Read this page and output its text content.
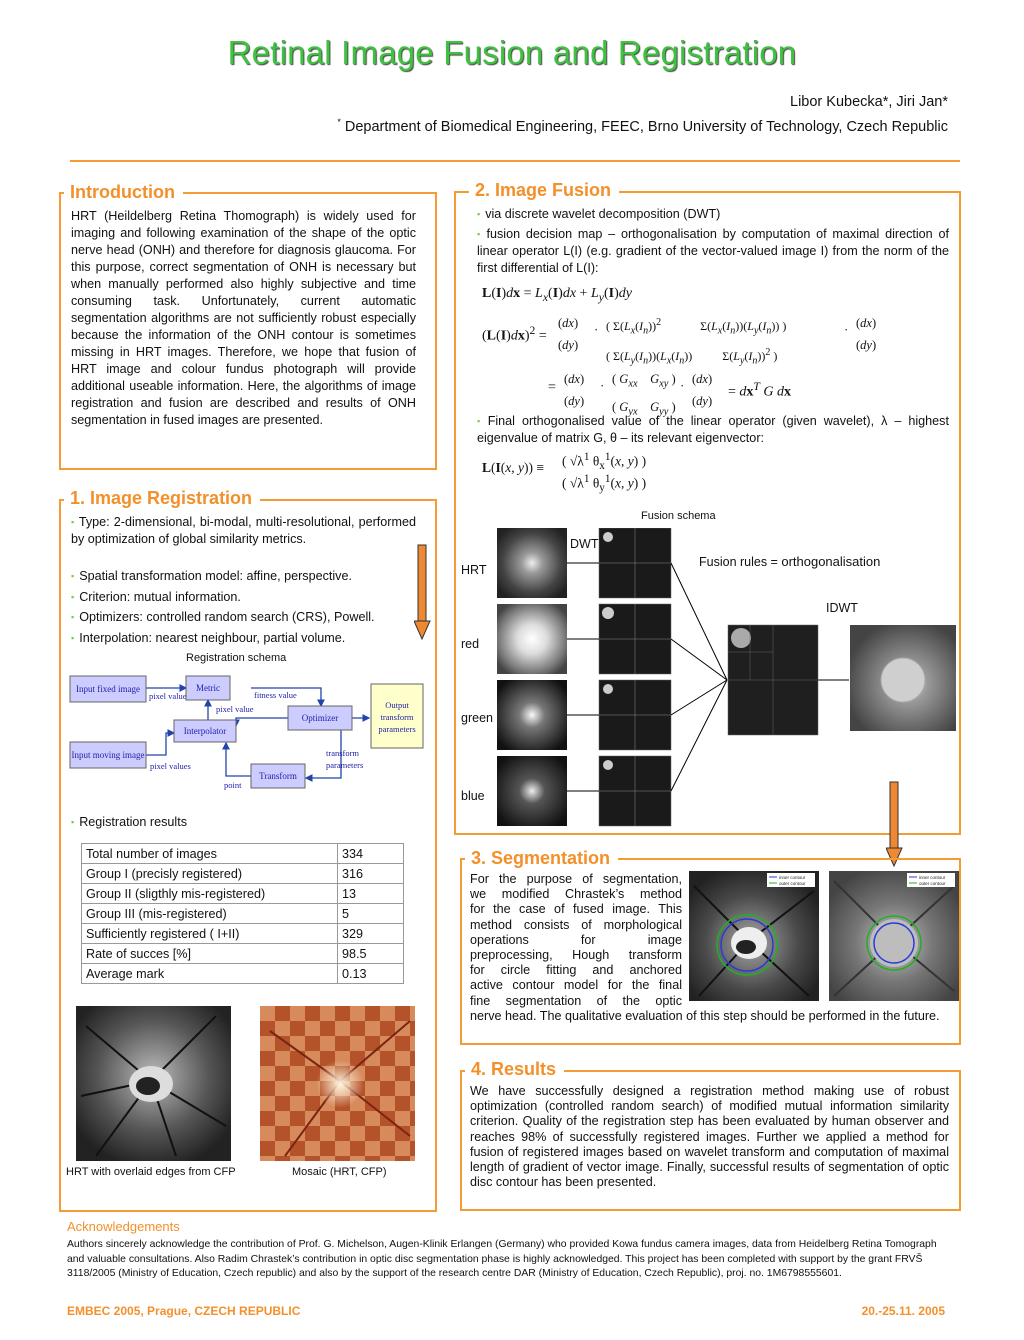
Retinal Image Fusion and Registration
Libor Kubecka*, Jiri Jan*
* Department of Biomedical Engineering, FEEC, Brno University of Technology, Czech Republic
Introduction
HRT (Heildelberg Retina Thomograph) is widely used for imaging and following examination of the shape of the optic nerve head (ONH) and therefore for diagnosis glaucoma. For this purpose, correct segmentation of ONH is necessary but when manually performed also highly subjective and time consuming task. Unfortunately, current automatic segmentation algorithms are not sufficiently robust especially because the information of the ONH contour is sometimes missing in HRT images. Therefore, we hope that fusion of HRT image and colour fundus photograph will provide additional useable information. Here, the algorithms of image registration and fusion are described and results of ONH segmentation in fused images are presented.
1. Image Registration
▪ Type: 2-dimensional, bi-modal, multi-resolutional, performed by optimization of global similarity metrics.
▪ Spatial transformation model: affine, perspective.
▪ Criterion: mutual information.
▪ Optimizers: controlled random search (CRS), Powell.
▪ Interpolation: nearest neighbour, partial volume.
Registration schema
Input fixed image	Metric
Interpolator
Optimizer
Input moving image
Transform
Output
transform
parameters
pixel value	fitness value
pixel value
pixel values
transform
parameters
point
▪ Registration results
Total number of images	334
Group I (precisly registered)	316
Group II (sligthly mis-registered)	13
Group III (mis-registered)	5
Sufficiently registered ( I+II)	329
Rate of succes [%]	98.5
Average mark	0.13
HRT with overlaid edges from CFP	Mosaic (HRT, CFP)
2. Image Fusion
▪ via discrete wavelet decomposition (DWT)
▪ fusion decision map – orthogonalisation by computation of maximal direction of linear operator L(I) (e.g. gradient of the vector-valued image I) from the norm of the first differential of L(I):
$L(I)dx = L_x(I)dx + L_y(I)dy$
$(L(I)dx)^2$ =
(dx)
(dy)
· ( $\Sigma(L_x(I_n))^2$             $\Sigma(L_x(I_n))(L_y(I_n))$ )
( $\Sigma(L_y(I_n))(L_x(I_n))$          $\Sigma(L_y(I_n))^2$ )
· (dx)
(dy)
=
(dx)
(dy)
· ( $G_{xx}$ $G_{xy}$ )
( $G_{yx}$ $G_{yy}$ )
· (dx)
(dy)
= $dx^T$ G dx
▪ Final orthogonalised value of the linear operator (given wavelet), λ – highest eigenvalue of matrix G, θ – its relevant eigenvector:
L(I(x, y)) ≡ ( $√\lambda^1$ $\theta_x^1(x$, y) )
( $√\lambda^1$ $\theta_y^1(x$, y) )
Fusion schema
DWT
Fusion rules = orthogonalisation
IDWT
HRT
red
green
blue
3. Segmentation
For the purpose of segmentation,
we modified Chrastek’s method
for the case of fused image. This
method consists of morphological
operations for image
preprocessing, Hough transform
for circle fitting and anchored
active contour model for the final
fine segmentation of the optic
nerve head. The qualitative evaluation of this step should be performed in the future.
inner contour
outer contour
inner contour
outer contour
4. Results
We have successfully designed a registration method making use of robust optimization (controlled random search) of modified mutual information similarity criterion. Quality of the registration step has been evaluated by human observer and reaches 98% of successfully registered images. Further we applied a method for fusion of registered images based on wavelet transform and computation of maximal length of gradient of vector image. Finally, successful results of segmentation of optic disc contour has been presented.
Acknowledgements
Authors sincerely acknowledge the contribution of Prof. G. Michelson, Augen-Klinik Erlangen (Germany) who provided Kowa fundus camera images, data from Heidelberg Retina Tomograph and valuable consultations. Also Radim Chrastek’s contribution in optic disc segmentation phase is highly acknowledged. This project has been completed with support by the grant FRVŠ 3118/2005 (Ministry of Education, Czech republic) and also by the support of the research centre DAR (Ministry of Education, Czech Republic), proj. no. 1M6798555601.
EMBEC 2005, Prague, CZECH REPUBLIC	20.-25.11. 2005
